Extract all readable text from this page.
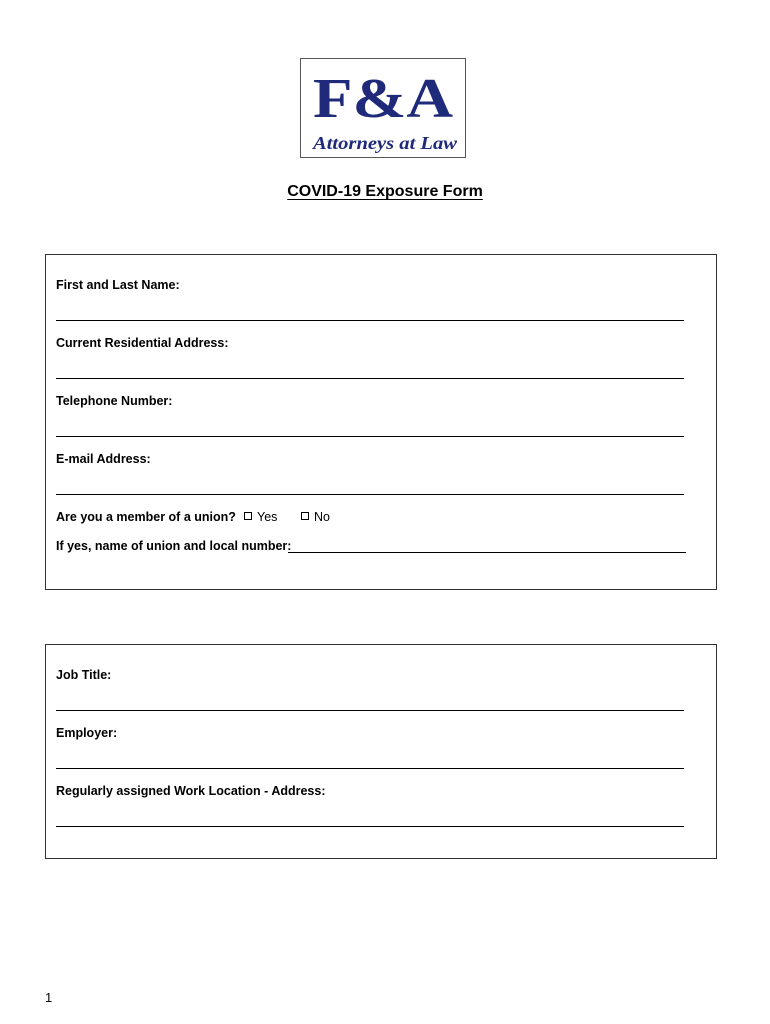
F&A
Attorneys at Law
COVID-19 Exposure Form
First and Last Name:
Current Residential Address:
Telephone Number:
E-mail Address:
Are you a member of a union?	Yes	No
If yes, name of union and local number:
Job Title:
Employer:
Regularly assigned Work Location - Address:
1
